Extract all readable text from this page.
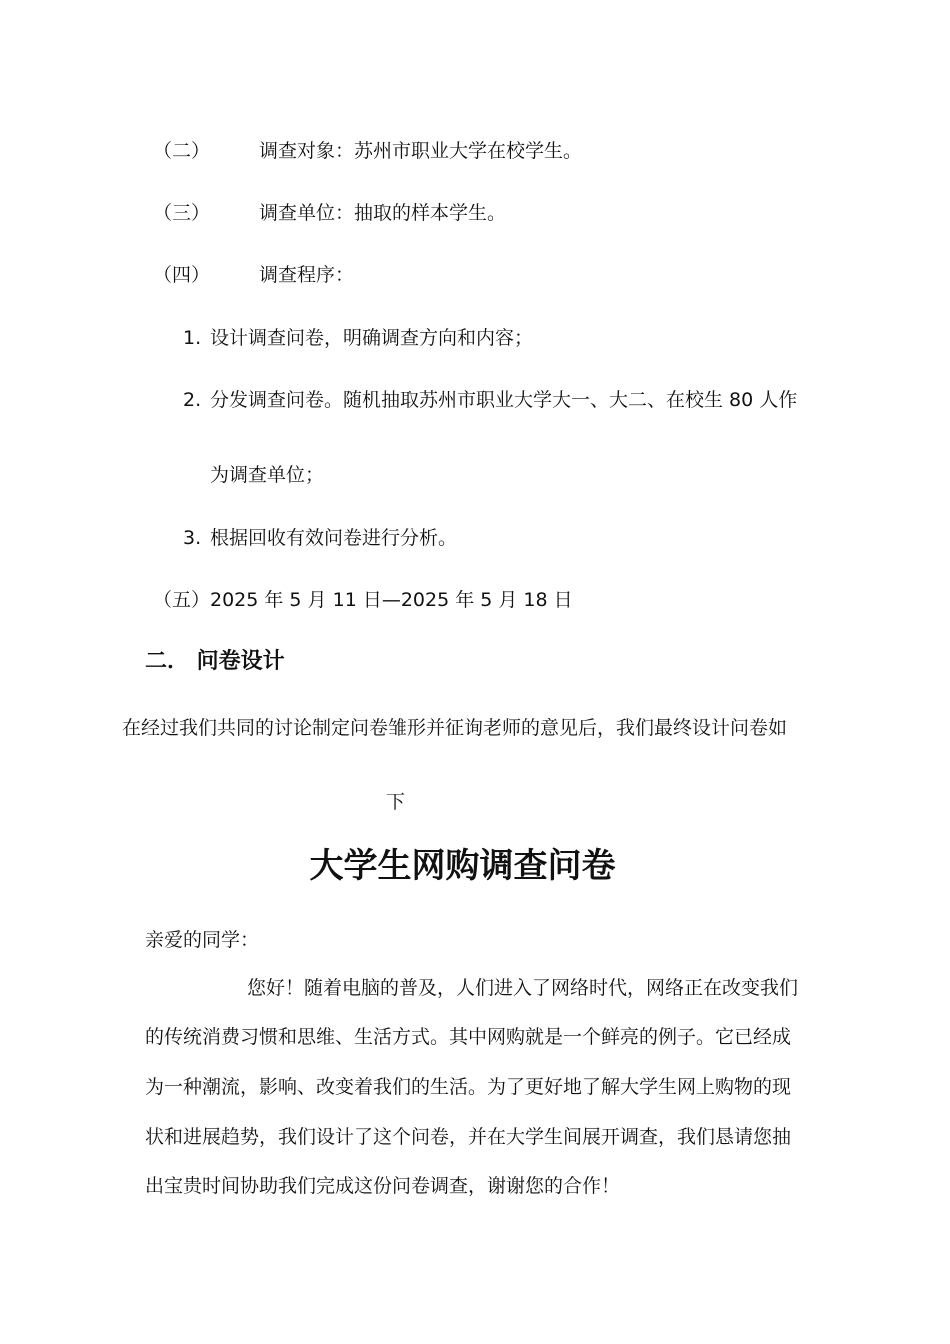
（二）	调查对象：苏州市职业大学在校学生。
（三）	调查单位：抽取的样本学生。
（四）	调查程序：
1. 设计调查问卷，明确调查方向和内容；
2. 分发调查问卷。随机抽取苏州市职业大学大一、大二、在校生 80 人作
为调查单位；
3. 根据回收有效问卷进行分析。
（五）2025 年 5 月 11 日—2025 年 5 月 18 日
二． 问卷设计
在经过我们共同的讨论制定问卷雏形并征询老师的意见后，我们最终设计问卷如
下
大学生网购调查问卷
亲爱的同学：
您好！随着电脑的普及，人们进入了网络时代，网络正在改变我们
的传统消费习惯和思维、生活方式。其中网购就是一个鲜亮的例子。它已经成
为一种潮流，影响、改变着我们的生活。为了更好地了解大学生网上购物的现
状和进展趋势，我们设计了这个问卷，并在大学生间展开调查，我们恳请您抽
出宝贵时间协助我们完成这份问卷调查，谢谢您的合作！
